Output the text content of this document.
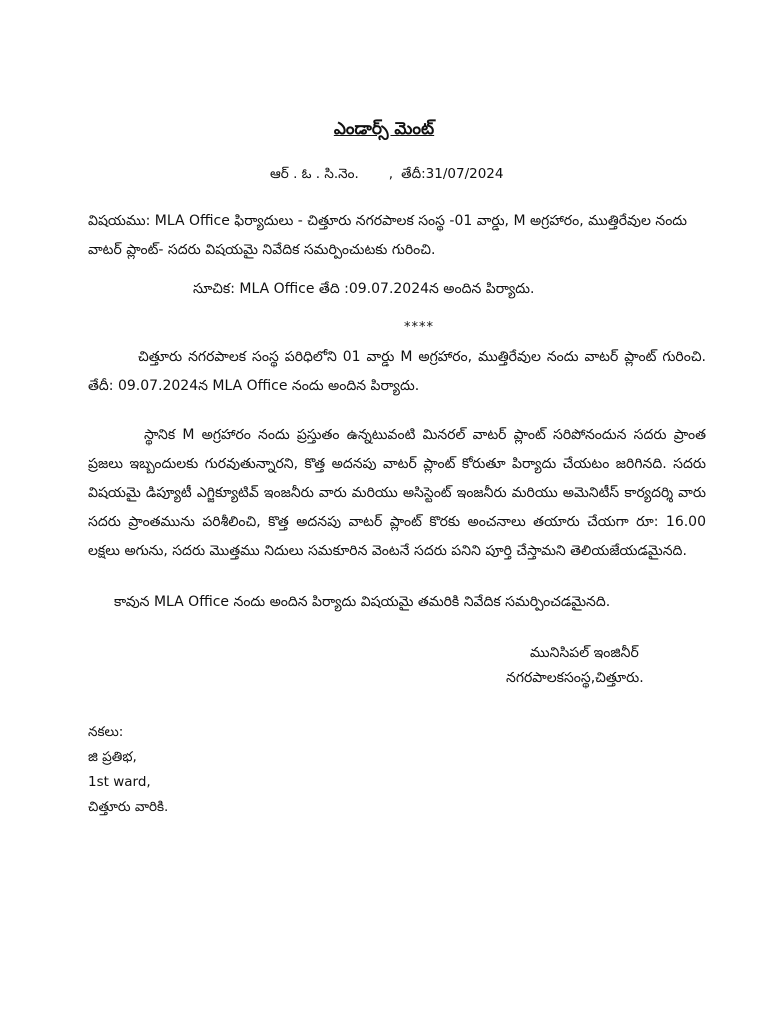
ఎండార్స్ మెంట్
ఆర్ . ఓ . సి.నెం. , తేదీ:31/07/2024
విషయము: MLA Office ఫిర్యాదులు - చిత్తూరు నగరపాలక సంస్థ -01 వార్డు, M అగ్రహారం, ముత్తిరేవుల నందు వాటర్ ప్లాంట్- సదరు విషయమై నివేదిక సమర్పించుటకు గురించి.
సూచిక: MLA Office తేది :09.07.2024న అందిన పిర్యాదు.
****
చిత్తూరు నగరపాలక సంస్థ పరిధిలోని 01 వార్డు M అగ్రహారం, ముత్తిరేవుల నందు వాటర్ ప్లాంట్ గురించి. తేదీ: 09.07.2024న MLA Office నందు అందిన పిర్యాదు.
స్థానిక M అగ్రహారం నందు ప్రస్తుతం ఉన్నటువంటి మినరల్ వాటర్ ప్లాంట్ సరిపోనందున సదరు ప్రాంత ప్రజలు ఇబ్బందులకు గురవుతున్నారని, కొత్త అదనపు వాటర్ ప్లాంట్ కోరుతూ పిర్యాదు చేయటం జరిగినది. సదరు విషయమై డిప్యూటీ ఎగ్జిక్యూటివ్ ఇంజనీరు వారు మరియు అసిస్టెంట్ ఇంజనీరు మరియు అమెనిటీస్ కార్యదర్శి వారు సదరు ప్రాంతమును పరిశీలించి, కొత్త అదనపు వాటర్ ప్లాంట్ కొరకు అంచనాలు తయారు చేయగా రూ: 16.00 లక్షలు అగును, సదరు మొత్తము నిదులు సమకూరిన వెంటనే సదరు పనిని పూర్తి చేస్తామని తెలియజేయడమైనది.
కావున MLA Office నందు అందిన పిర్యాదు విషయమై తమరికి నివేదిక సమర్పించడమైనది.
మునిసిపల్ ఇంజినీర్
నగరపాలకసంస్థ,చిత్తూరు.
నకలు:
జి ప్రతిభ,
1st ward,
చిత్తూరు వారికి.
